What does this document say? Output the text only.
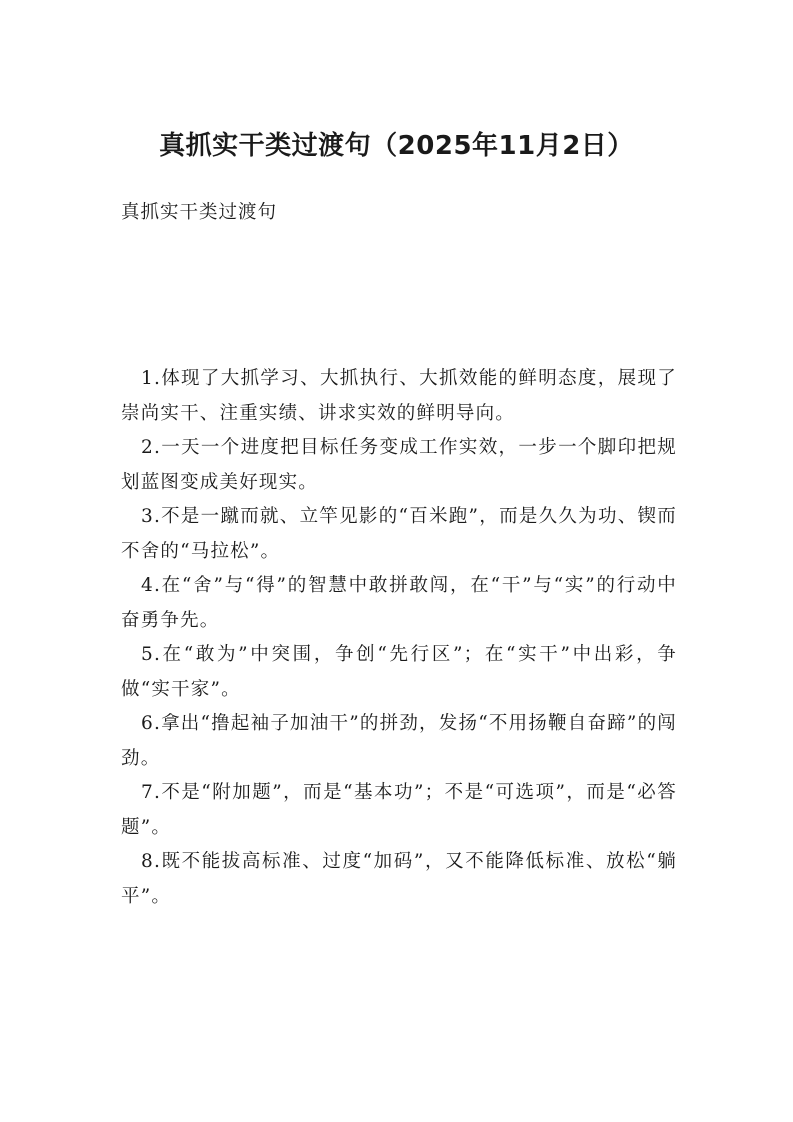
真抓实干类过渡句（2025年11月2日）

真抓实干类过渡句

1.体现了大抓学习、大抓执行、大抓效能的鲜明态度，展现了崇尚实干、注重实绩、讲求实效的鲜明导向。
2.一天一个进度把目标任务变成工作实效，一步一个脚印把规划蓝图变成美好现实。
3.不是一蹴而就、立竿见影的“百米跑”，而是久久为功、锲而不舍的“马拉松”。
4.在“舍”与“得”的智慧中敢拼敢闯，在“干”与“实”的行动中奋勇争先。
5.在“敢为”中突围，争创“先行区”；在“实干”中出彩，争做“实干家”。
6.拿出“撸起袖子加油干”的拼劲，发扬“不用扬鞭自奋蹄”的闯劲。
7.不是“附加题”，而是“基本功”；不是“可选项”，而是“必答题”。
8.既不能拔高标准、过度“加码”，又不能降低标准、放松“躺平”。
